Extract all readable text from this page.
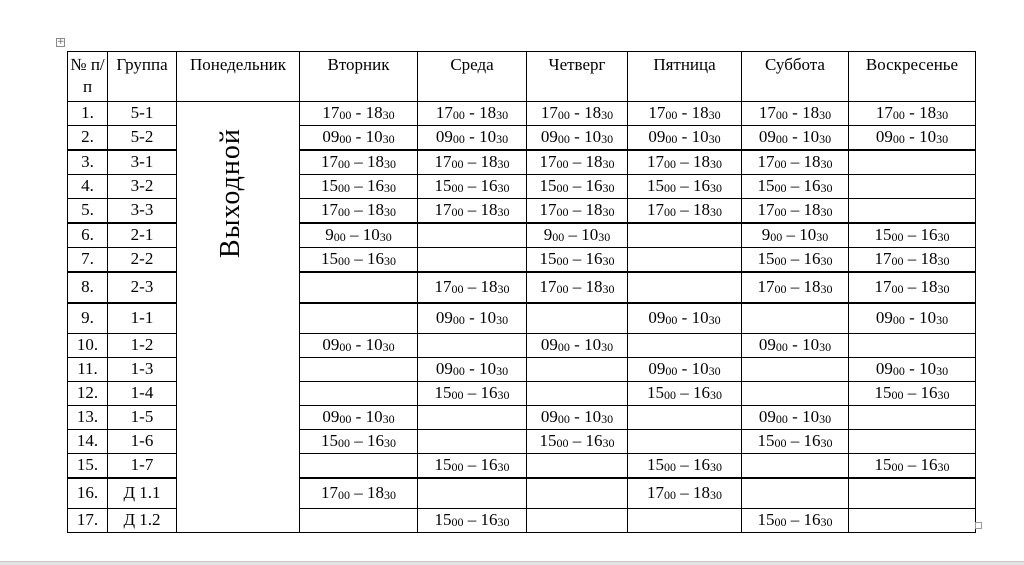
+
№ п/п	Группа	Понедельник	Вторник	Среда	Четверг	Пятница	Суббота	Воскресенье
1.	5-1	Выходной	$17_{00} - 18_{30}$	$17_{00} - 18_{30}$	$17_{00} - 18_{30}$	$17_{00} - 18_{30}$	$17_{00} - 18_{30}$	$17_{00} - 18_{30}$
2.	5-2		$09_{00} - 10_{30}$	$09_{00} - 10_{30}$	$09_{00} - 10_{30}$	$09_{00} - 10_{30}$	$09_{00} - 10_{30}$	$09_{00} - 10_{30}$
3.	3-1		$17_{00} - 18_{30}$	$17_{00} - 18_{30}$	$17_{00} - 18_{30}$	$17_{00} - 18_{30}$	$17_{00} - 18_{30}$	
4.	3-2		$15_{00} - 16_{30}$	$15_{00} - 16_{30}$	$15_{00} - 16_{30}$	$15_{00} - 16_{30}$	$15_{00} - 16_{30}$	
5.	3-3		$17_{00} - 18_{30}$	$17_{00} - 18_{30}$	$17_{00} - 18_{30}$	$17_{00} - 18_{30}$	$17_{00} - 18_{30}$	
6.	2-1		$9_{00} - 10_{30}$		$9_{00} - 10_{30}$		$9_{00} - 10_{30}$	$15_{00} - 16_{30}$
7.	2-2		$15_{00} - 16_{30}$		$15_{00} - 16_{30}$		$15_{00} - 16_{30}$	$17_{00} - 18_{30}$
8.	2-3			$17_{00} - 18_{30}$	$17_{00} - 18_{30}$		$17_{00} - 18_{30}$	$17_{00} - 18_{30}$
9.	1-1			$09_{00} - 10_{30}$		$09_{00} - 10_{30}$		$09_{00} - 10_{30}$
10.	1-2		$09_{00} - 10_{30}$		$09_{00} - 10_{30}$		$09_{00} - 10_{30}$	
11.	1-3			$09_{00} - 10_{30}$		$09_{00} - 10_{30}$		$09_{00} - 10_{30}$
12.	1-4			$15_{00} - 16_{30}$		$15_{00} - 16_{30}$		$15_{00} - 16_{30}$
13.	1-5		$09_{00} - 10_{30}$		$09_{00} - 10_{30}$		$09_{00} - 10_{30}$	
14.	1-6		$15_{00} - 16_{30}$		$15_{00} - 16_{30}$		$15_{00} - 16_{30}$	
15.	1-7			$15_{00} - 16_{30}$		$15_{00} - 16_{30}$		$15_{00} - 16_{30}$
16.	Д 1.1		$17_{00} - 18_{30}$			$17_{00} - 18_{30}$		
17.	Д 1.2			$15_{00} - 16_{30}$			$15_{00} - 16_{30}$	
